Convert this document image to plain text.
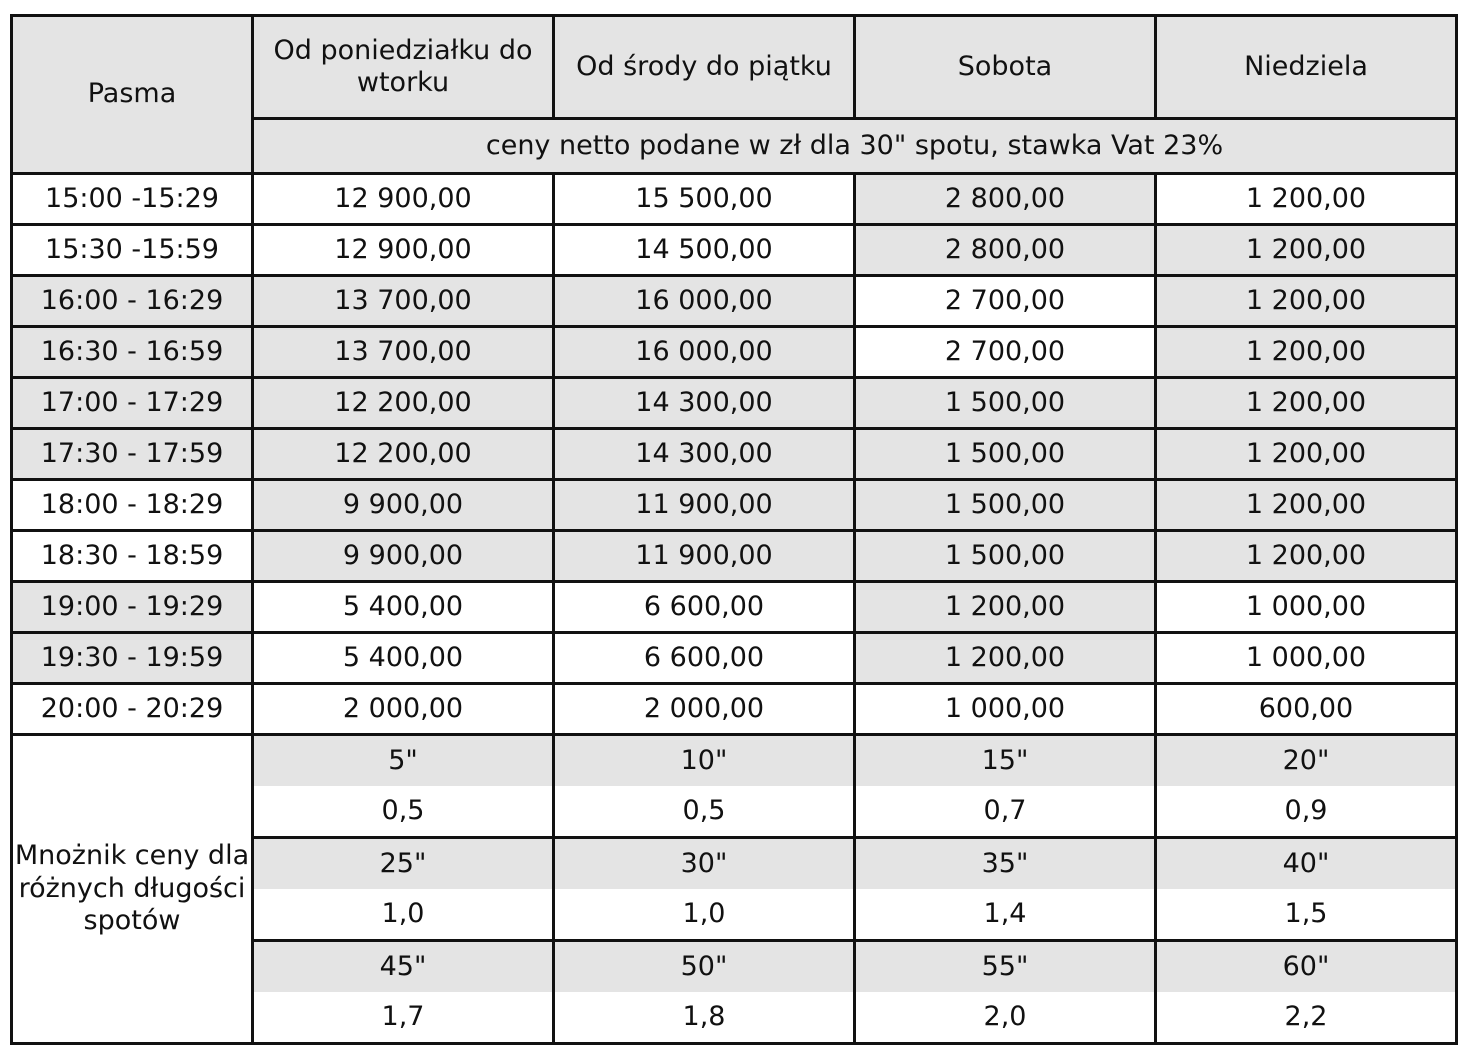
Pasma	Od poniedziałku do wtorku	Od środy do piątku	Sobota	Niedziela
	ceny netto podane w zł dla 30" spotu, stawka Vat 23%			
15:00 -15:29	12 900,00	15 500,00	2 800,00	1 200,00
15:30 -15:59	12 900,00	14 500,00	2 800,00	1 200,00
16:00 - 16:29	13 700,00	16 000,00	2 700,00	1 200,00
16:30 - 16:59	13 700,00	16 000,00	2 700,00	1 200,00
17:00 - 17:29	12 200,00	14 300,00	1 500,00	1 200,00
17:30 - 17:59	12 200,00	14 300,00	1 500,00	1 200,00
18:00 - 18:29	9 900,00	11 900,00	1 500,00	1 200,00
18:30 - 18:59	9 900,00	11 900,00	1 500,00	1 200,00
19:00 - 19:29	5 400,00	6 600,00	1 200,00	1 000,00
19:30 - 19:59	5 400,00	6 600,00	1 200,00	1 000,00
20:00 - 20:29	2 000,00	2 000,00	1 000,00	600,00
Mnożnik ceny dla różnych długości spotów	5"	10"	15"	20"
	0,5	0,5	0,7	0,9
	25"	30"	35"	40"
	1,0	1,0	1,4	1,5
	45"	50"	55"	60"
	1,7	1,8	2,0	2,2
